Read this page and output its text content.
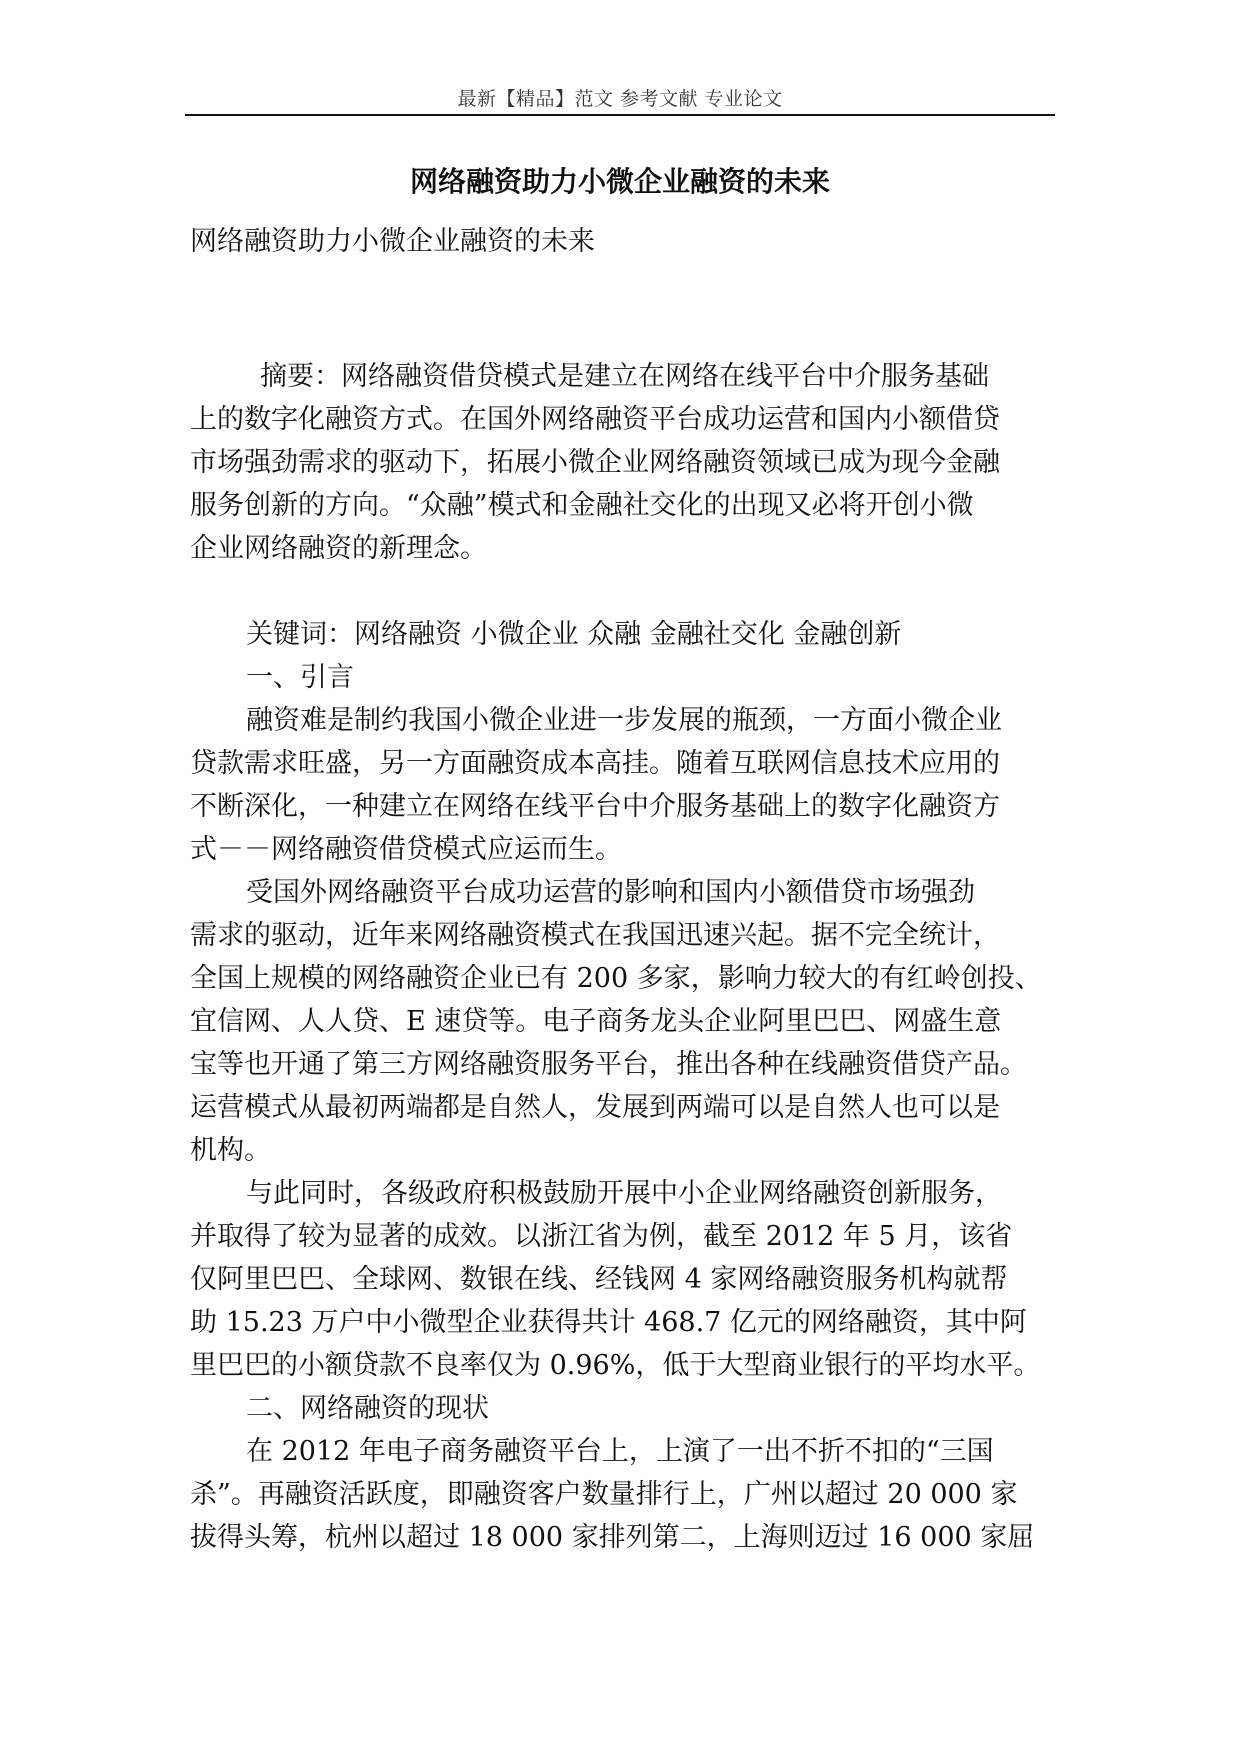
最新【精品】范文 参考文献 专业论文
网络融资助力小微企业融资的未来
网络融资助力小微企业融资的未来
摘要：网络融资借贷模式是建立在网络在线平台中介服务基础
上的数字化融资方式。在国外网络融资平台成功运营和国内小额借贷
市场强劲需求的驱动下，拓展小微企业网络融资领域已成为现今金融
服务创新的方向。“众融”模式和金融社交化的出现又必将开创小微
企业网络融资的新理念。
关键词：网络融资 小微企业 众融 金融社交化 金融创新
一、引言
融资难是制约我国小微企业进一步发展的瓶颈，一方面小微企业
贷款需求旺盛，另一方面融资成本高挂。随着互联网信息技术应用的
不断深化，一种建立在网络在线平台中介服务基础上的数字化融资方
式－－网络融资借贷模式应运而生。
受国外网络融资平台成功运营的影响和国内小额借贷市场强劲
需求的驱动，近年来网络融资模式在我国迅速兴起。据不完全统计，
全国上规模的网络融资企业已有 200 多家，影响力较大的有红岭创投、
宜信网、人人贷、E 速贷等。电子商务龙头企业阿里巴巴、网盛生意
宝等也开通了第三方网络融资服务平台，推出各种在线融资借贷产品。
运营模式从最初两端都是自然人，发展到两端可以是自然人也可以是
机构。
与此同时，各级政府积极鼓励开展中小企业网络融资创新服务，
并取得了较为显著的成效。以浙江省为例，截至 2012 年 5 月，该省
仅阿里巴巴、全球网、数银在线、经钱网 4 家网络融资服务机构就帮
助 15.23 万户中小微型企业获得共计 468.7 亿元的网络融资，其中阿
里巴巴的小额贷款不良率仅为 0.96%，低于大型商业银行的平均水平。
二、网络融资的现状
在 2012 年电子商务融资平台上，上演了一出不折不扣的“三国
杀”。再融资活跃度，即融资客户数量排行上，广州以超过 20 000 家
拔得头筹，杭州以超过 18 000 家排列第二，上海则迈过 16 000 家屈
